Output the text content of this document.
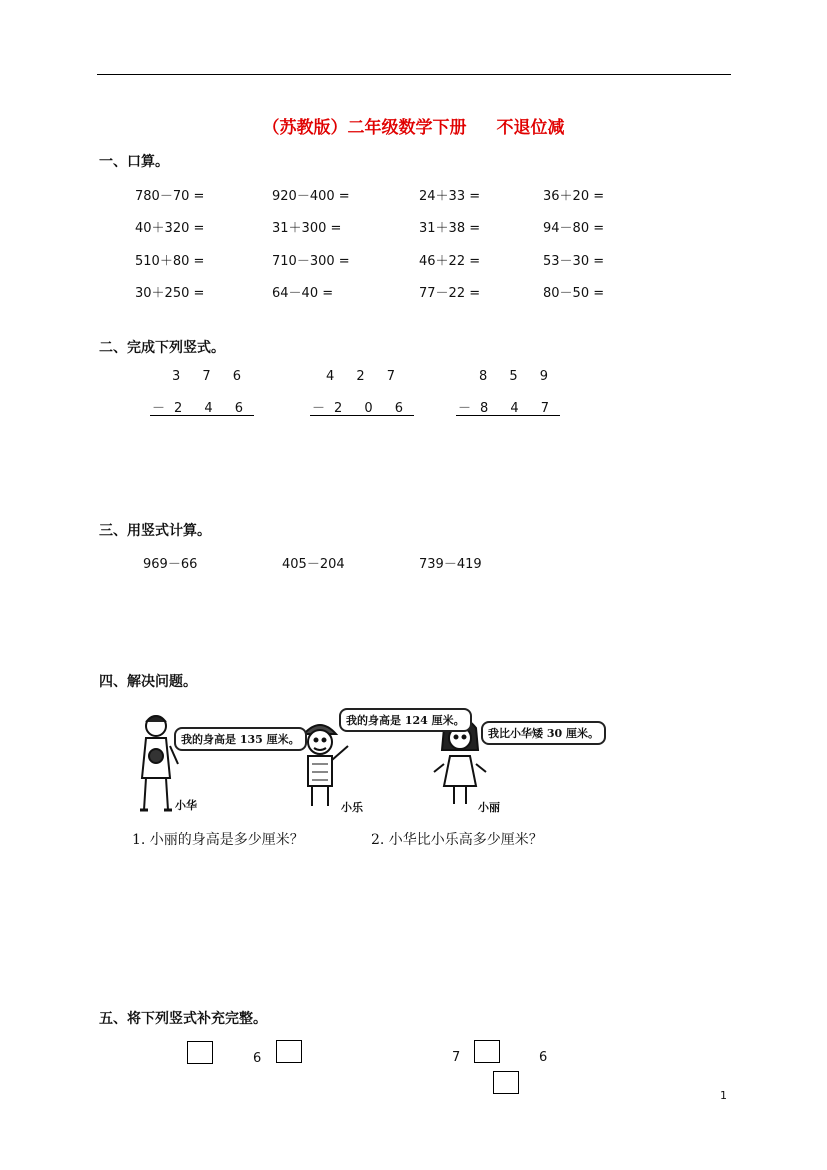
（苏教版）二年级数学下册 不退位减
一、口算。
780－70 =	920－400 =	24＋33 =	36＋20 =
40＋320 =	31＋300 =	31＋38 =	94－80 =
510＋80 =	710－300 =	46＋22 =	53－30 =
30＋250 =	64－40 =	77－22 =	80－50 =
二、完成下列竖式。
3 7 6
－2 4 6
4 2 7
－2 0 6
8 5 9
－8 4 7
三、用竖式计算。
969－66	405－204	739－419
四、解决问题。
我的身高是 135 厘米。
我的身高是 124 厘米。
我比小华矮 30 厘米。
小华	小乐	小丽
1. 小丽的身高是多少厘米？	2. 小华比小乐高多少厘米？
五、将下列竖式补充完整。
6	7	6
1
